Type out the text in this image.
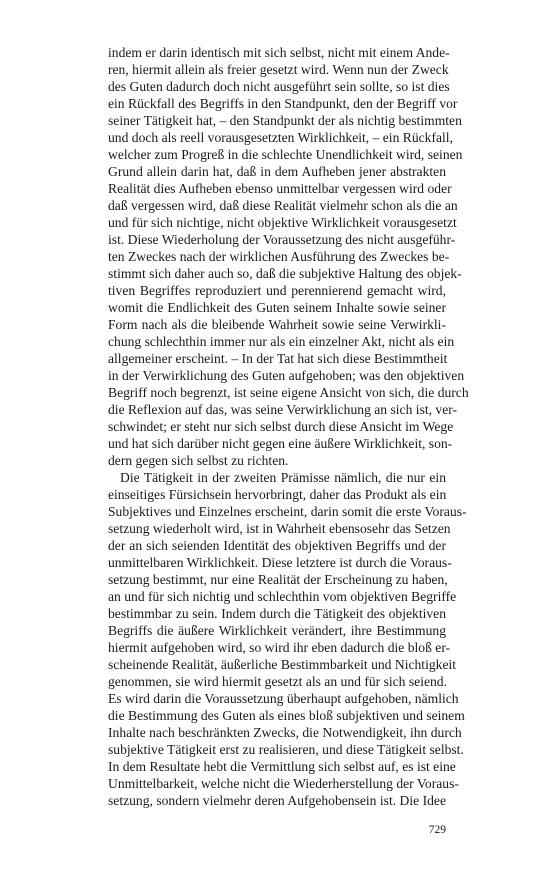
indem er darin identisch mit sich selbst, nicht mit einem Ande-
ren, hiermit allein als freier gesetzt wird. Wenn nun der Zweck
des Guten dadurch doch nicht ausgeführt sein sollte, so ist dies
ein Rückfall des Begriffs in den Standpunkt, den der Begriff vor
seiner Tätigkeit hat, – den Standpunkt der als nichtig bestimmten
und doch als reell vorausgesetzten Wirklichkeit, – ein Rückfall,
welcher zum Progreß in die schlechte Unendlichkeit wird, seinen
Grund allein darin hat, daß in dem Aufheben jener abstrakten
Realität dies Aufheben ebenso unmittelbar vergessen wird oder
daß vergessen wird, daß diese Realität vielmehr schon als die an
und für sich nichtige, nicht objektive Wirklichkeit vorausgesetzt
ist. Diese Wiederholung der Voraussetzung des nicht ausgeführ-
ten Zweckes nach der wirklichen Ausführung des Zweckes be-
stimmt sich daher auch so, daß die subjektive Haltung des objek-
tiven Begriffes reproduziert und perennierend gemacht wird,
womit die Endlichkeit des Guten seinem Inhalte sowie seiner
Form nach als die bleibende Wahrheit sowie seine Verwirkli-
chung schlechthin immer nur als ein einzelner Akt, nicht als ein
allgemeiner erscheint. – In der Tat hat sich diese Bestimmtheit
in der Verwirklichung des Guten aufgehoben; was den objektiven
Begriff noch begrenzt, ist seine eigene Ansicht von sich, die durch
die Reflexion auf das, was seine Verwirklichung an sich ist, ver-
schwindet; er steht nur sich selbst durch diese Ansicht im Wege
und hat sich darüber nicht gegen eine äußere Wirklichkeit, son-
dern gegen sich selbst zu richten.
Die Tätigkeit in der zweiten Prämisse nämlich, die nur ein
einseitiges Fürsichsein hervorbringt, daher das Produkt als ein
Subjektives und Einzelnes erscheint, darin somit die erste Voraus-
setzung wiederholt wird, ist in Wahrheit ebensosehr das Setzen
der an sich seienden Identität des objektiven Begriffs und der
unmittelbaren Wirklichkeit. Diese letztere ist durch die Voraus-
setzung bestimmt, nur eine Realität der Erscheinung zu haben,
an und für sich nichtig und schlechthin vom objektiven Begriffe
bestimmbar zu sein. Indem durch die Tätigkeit des objektiven
Begriffs die äußere Wirklichkeit verändert, ihre Bestimmung
hiermit aufgehoben wird, so wird ihr eben dadurch die bloß er-
scheinende Realität, äußerliche Bestimmbarkeit und Nichtigkeit
genommen, sie wird hiermit gesetzt als an und für sich seiend.
Es wird darin die Voraussetzung überhaupt aufgehoben, nämlich
die Bestimmung des Guten als eines bloß subjektiven und seinem
Inhalte nach beschränkten Zwecks, die Notwendigkeit, ihn durch
subjektive Tätigkeit erst zu realisieren, und diese Tätigkeit selbst.
In dem Resultate hebt die Vermittlung sich selbst auf, es ist eine
Unmittelbarkeit, welche nicht die Wiederherstellung der Voraus-
setzung, sondern vielmehr deren Aufgehobensein ist. Die Idee
729
